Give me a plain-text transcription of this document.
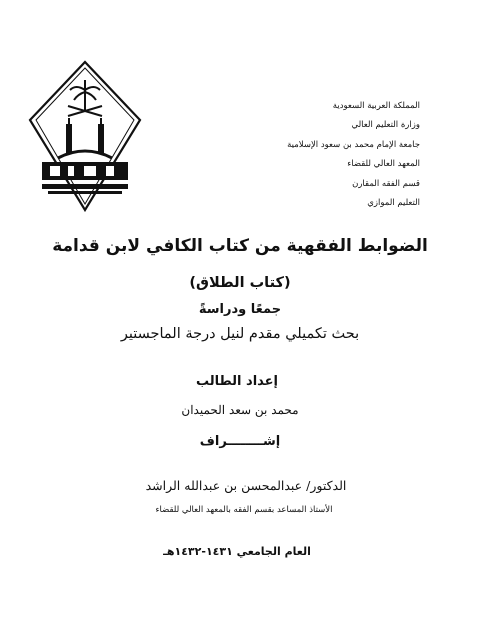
المملكة العربية السعودية
وزارة التعليم العالي
جامعة الإمام محمد بن سعود الإسلامية
المعهد العالي للقضاء
قسم الفقه المقارن
التعليم الموازي
الضوابط الفقهية من كتاب الكافي لابن قدامة
(كتاب الطلاق)
جمعًا ودراسةً
بحث تكميلي مقدم لنيل درجة الماجستير
إعداد الطالب
محمد بن سعد الحميدان
إشــــــــراف
الدكتور/ عبدالمحسن بن عبدالله الراشد
الأستاذ المساعد بقسم الفقه بالمعهد العالي للقضاء
العام الجامعي ١٤٣١-١٤٣٢هـ
